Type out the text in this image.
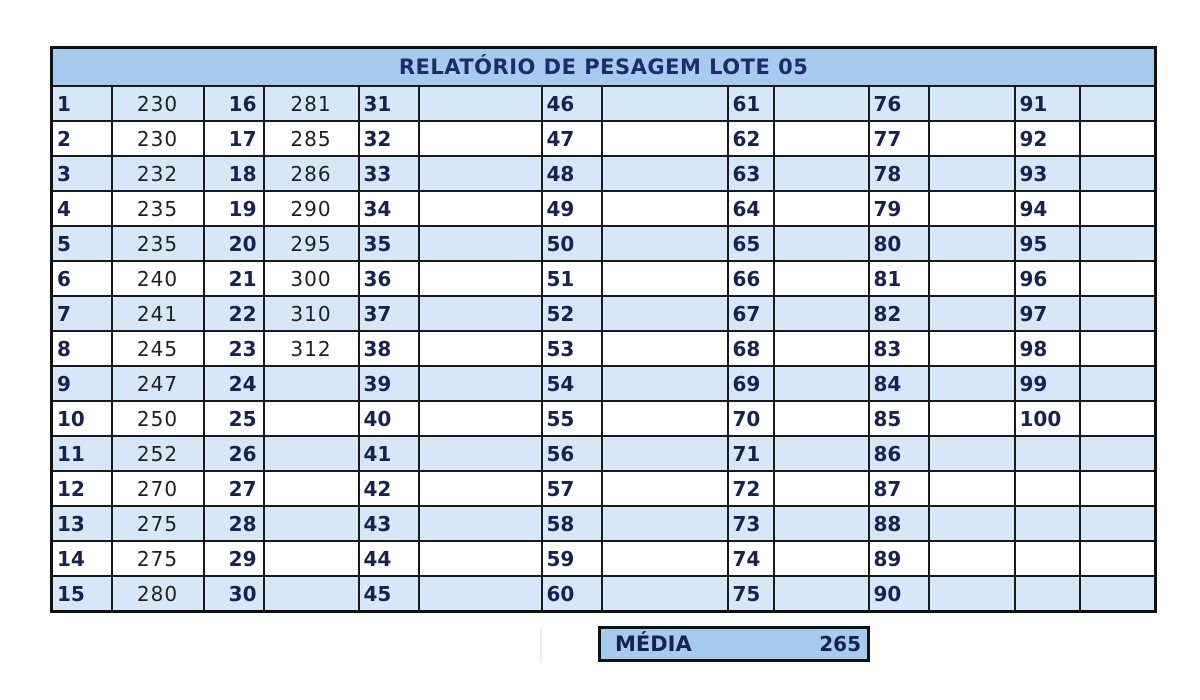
RELATÓRIO DE PESAGEM LOTE 05													
1	230	16	281	31		46		61		76		91	
2	230	17	285	32		47		62		77		92	
3	232	18	286	33		48		63		78		93	
4	235	19	290	34		49		64		79		94	
5	235	20	295	35		50		65		80		95	
6	240	21	300	36		51		66		81		96	
7	241	22	310	37		52		67		82		97	
8	245	23	312	38		53		68		83		98	
9	247	24		39		54		69		84		99	
10	250	25		40		55		70		85		100	
11	252	26		41		56		71		86			
12	270	27		42		57		72		87			
13	275	28		43		58		73		88			
14	275	29		44		59		74		89			
15	280	30		45		60		75		90			
MÉDIA	265
